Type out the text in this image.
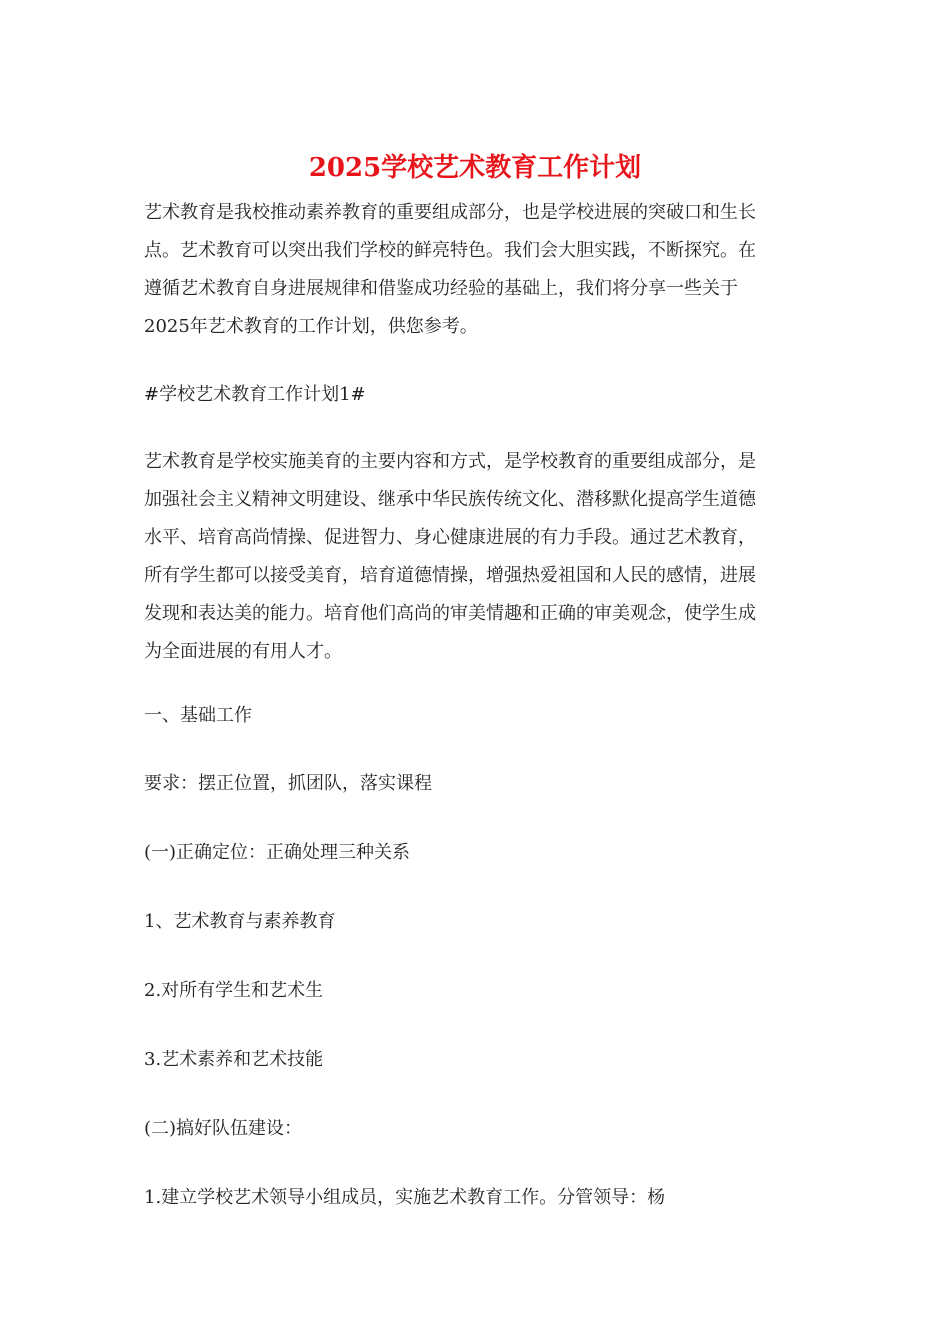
2025学校艺术教育工作计划
艺术教育是我校推动素养教育的重要组成部分，也是学校进展的突破口和生长
点。艺术教育可以突出我们学校的鲜亮特色。我们会大胆实践，不断探究。在
遵循艺术教育自身进展规律和借鉴成功经验的基础上，我们将分享一些关于
2025年艺术教育的工作计划，供您参考。
#学校艺术教育工作计划1#
艺术教育是学校实施美育的主要内容和方式，是学校教育的重要组成部分，是
加强社会主义精神文明建设、继承中华民族传统文化、潜移默化提高学生道德
水平、培育高尚情操、促进智力、身心健康进展的有力手段。通过艺术教育，
所有学生都可以接受美育，培育道德情操，增强热爱祖国和人民的感情，进展
发现和表达美的能力。培育他们高尚的审美情趣和正确的审美观念，使学生成
为全面进展的有用人才。
一、基础工作
要求：摆正位置，抓团队，落实课程
(一)正确定位：正确处理三种关系
1、艺术教育与素养教育
2.对所有学生和艺术生
3.艺术素养和艺术技能
(二)搞好队伍建设：
1.建立学校艺术领导小组成员，实施艺术教育工作。分管领导：杨
